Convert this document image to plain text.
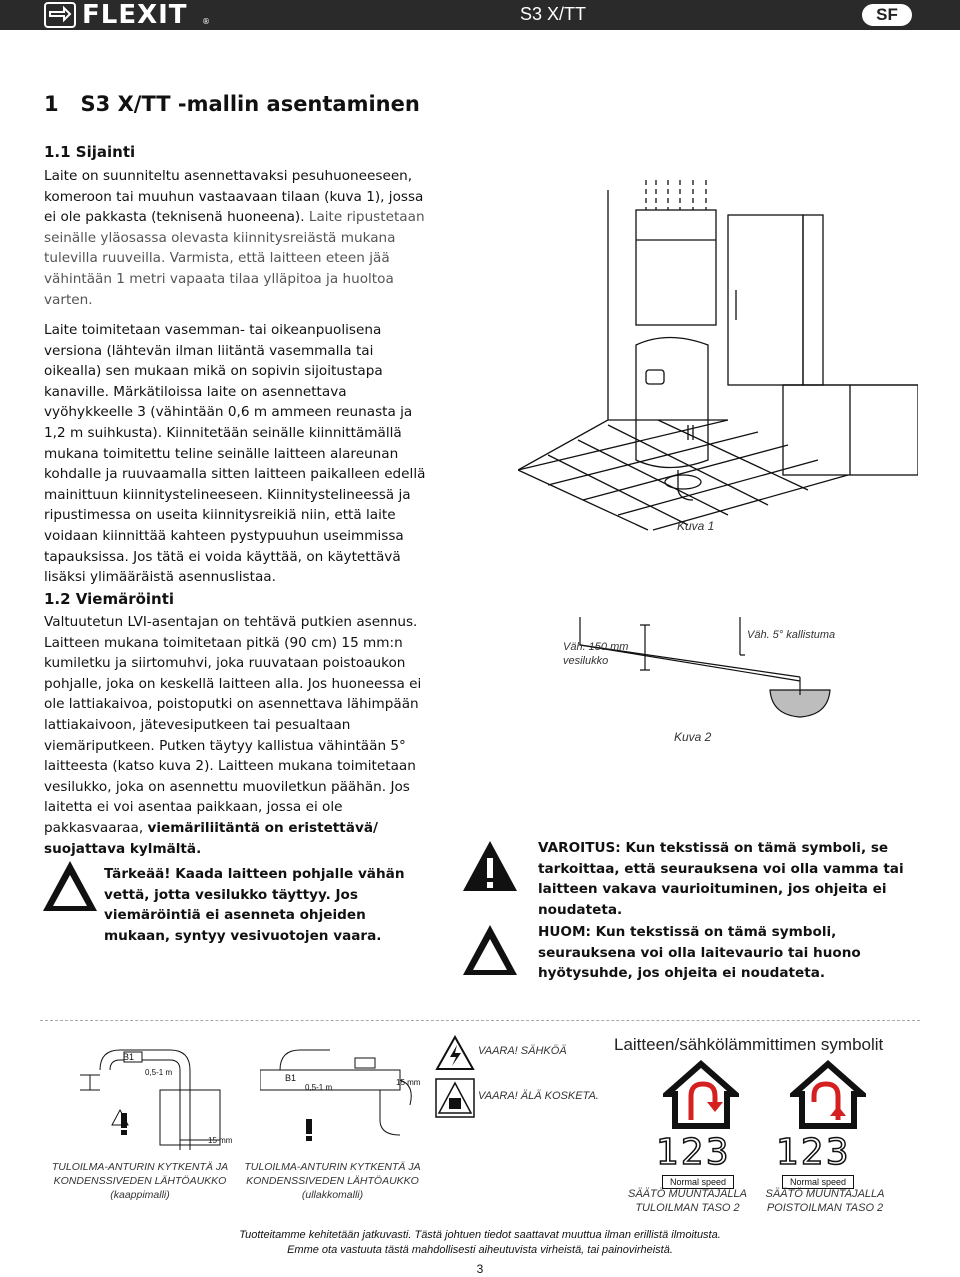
FLEXIT ®	S3 X/TT	SF
1   S3 X/TT -mallin asentaminen
1.1 Sijainti

Laite on suunniteltu asennettavaksi pesuhuoneeseen, komeroon tai muuhun vastaavaan tilaan (kuva 1), jossa ei ole pakkasta (teknisenä huoneena). Laite ripustetaan seinälle yläosassa olevasta kiinnitysreiästä mukana tulevilla ruuveilla. Varmista, että laitteen eteen jää vähintään 1 metri vapaata tilaa ylläpitoa ja huoltoa varten.

Laite toimitetaan vasemman- tai oikeanpuolisena versiona (lähtevän ilman liitäntä vasemmalla tai oikealla) sen mukaan mikä on sopivin sijoitustapa kanaville. Märkätiloissa laite on asennettava vyöhykkeelle 3 (vähintään 0,6 m ammeen reunasta ja 1,2 m suihkusta). Kiinnitetään seinälle kiinnittämällä mukana toimitettu teline seinälle laitteen alareunan kohdalle ja ruuvaamalla sitten laitteen paikalleen edellä mainittuun kiinnitystelineeseen. Kiinnitystelineessä ja ripustimessa on useita kiinnitysreikiä niin, että laite voidaan kiinnittää kahteen pystypuuhun useimmissa tapauksissa. Jos tätä ei voida käyttää, on käytettävä lisäksi ylimääräistä asennuslistaa.

Kuva 1
1.2 Viemäröinti

Valtuutetun LVI-asentajan on tehtävä putkien asennus. Laitteen mukana toimitetaan pitkä (90 cm) 15 mm:n kumiletku ja siirtomuhvi, joka ruuvataan poistoaukon pohjalle, joka on keskellä laitteen alla. Jos huoneessa ei ole lattiakaivoa, poistoputki on asennettava lähimpään lattiakaivoon, jätevesiputkeen tai pesualtaan viemäriputkeen. Putken täytyy kallistua vähintään 5° laitteesta (katso kuva 2). Laitteen mukana toimitetaan vesilukko, joka on asennettu muoviletkun päähän. Jos laitetta ei voi asentaa paikkaan, jossa ei ole pakkasvaaraa, viemäriliitäntä on eristettävä/ suojattava kylmältä.

Väh. 150 mm vesilukko
Väh. 5° kallistuma
Kuva 2

Tärkeää! Kaada laitteen pohjalle vähän vettä, jotta vesilukko täyttyy. Jos viemäröintiä ei asenneta ohjeiden mukaan, syntyy vesivuotojen vaara.

VAROITUS: Kun tekstissä on tämä symboli, se tarkoittaa, että seurauksena voi olla vamma tai laitteen vakava vaurioituminen, jos ohjeita ei noudateta.

HUOM: Kun tekstissä on tämä symboli, seurauksena voi olla laitevaurio tai huono hyötysuhde, jos ohjeita ei noudateta.

B1
0,5-1 m
15 mm
B1
0,5-1 m
15 mm
TULOILMA-ANTURIN KYTKENTÄ JA KONDENSSIVEDEN LÄHTÖAUKKO (kaappimalli)
TULOILMA-ANTURIN KYTKENTÄ JA KONDENSSIVEDEN LÄHTÖAUKKO (ullakkomalli)
VAARA! SÄHKÖÄ
VAARA! ÄLÄ KOSKETA.
Laitteen/sähkölämmittimen symbolit
123
Normal speed
123
Normal speed
SÄÄTÖ MUUNTAJALLA TULOILMAN TASO 2
SÄÄTÖ MUUNTAJALLA POISTOILMAN TASO 2
Tuotteitamme kehitetään jatkuvasti. Tästä johtuen tiedot saattavat muuttua ilman erillistä ilmoitusta.
Emme ota vastuuta tästä mahdollisesti aiheutuvista virheistä, tai painovirheistä.
3
